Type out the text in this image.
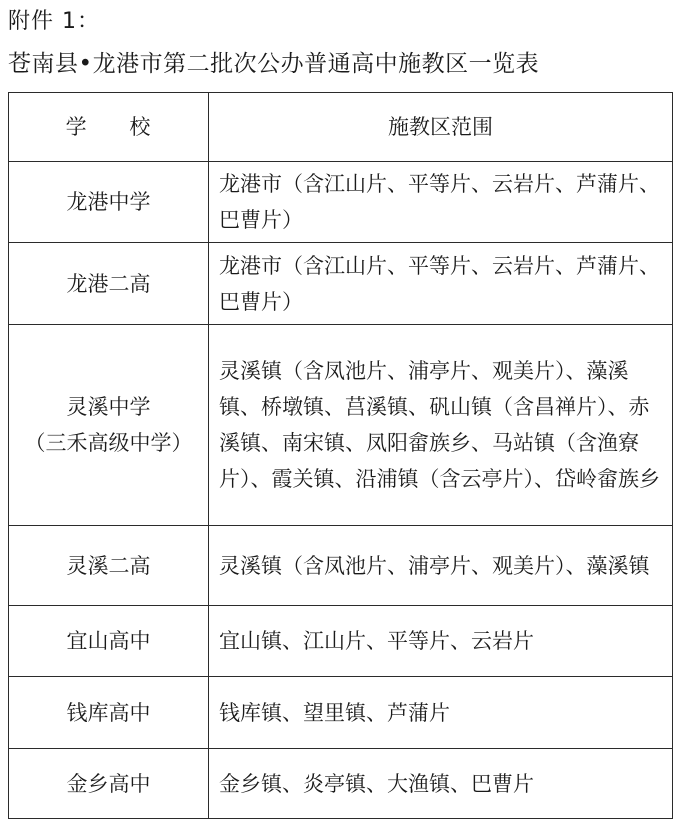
附件 1：
苍南县•龙港市第二批次公办普通高中施教区一览表
学 校	施教区范围
龙港中学	龙港市（含江山片、平等片、云岩片、芦蒲片、巴曹片）
龙港二高	龙港市（含江山片、平等片、云岩片、芦蒲片、巴曹片）

灵溪中学
（三禾高级中学）	灵溪镇（含凤池片、浦亭片、观美片）、藻溪镇、桥墩镇、莒溪镇、矾山镇（含昌禅片）、赤溪镇、南宋镇、凤阳畲族乡、马站镇（含渔寮片）、霞关镇、沿浦镇（含云亭片）、岱岭畲族乡
灵溪二高	灵溪镇（含凤池片、浦亭片、观美片）、藻溪镇
宜山高中	宜山镇、江山片、平等片、云岩片
钱库高中	钱库镇、望里镇、芦蒲片
金乡高中	金乡镇、炎亭镇、大渔镇、巴曹片
